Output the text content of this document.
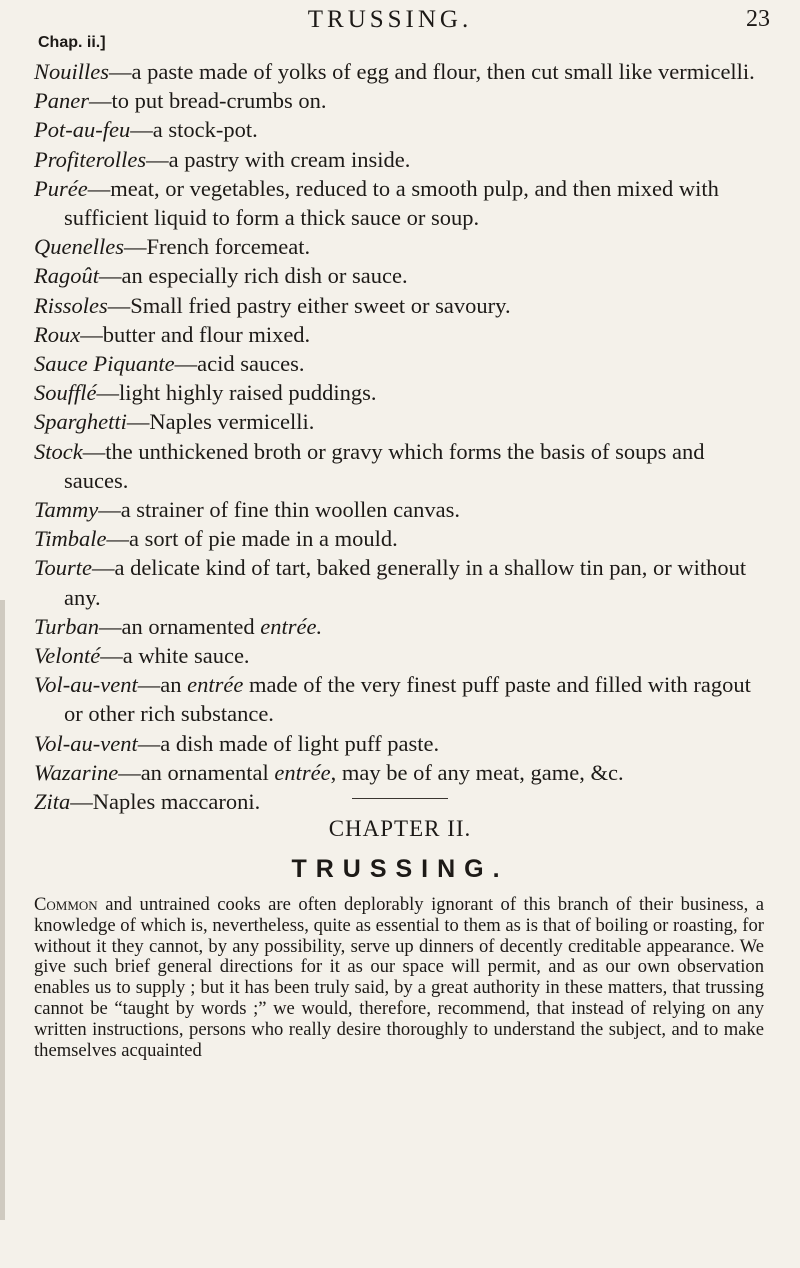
TRUSSING.	23
Chap. ii.]

Nouilles—a paste made of yolks of egg and flour, then cut small like vermicelli.

Paner—to put bread-crumbs on.

Pot-au-feu—a stock-pot.

Profiterolles—a pastry with cream inside.

Purée—meat, or vegetables, reduced to a smooth pulp, and then mixed with sufficient liquid to form a thick sauce or soup.

Quenelles—French forcemeat.

Ragoût—an especially rich dish or sauce.

Rissoles—Small fried pastry either sweet or savoury.

Roux—butter and flour mixed.

Sauce Piquante—acid sauces.

Soufflé—light highly raised puddings.

Sparghetti—Naples vermicelli.

Stock—the unthickened broth or gravy which forms the basis of soups and sauces.

Tammy—a strainer of fine thin woollen canvas.

Timbale—a sort of pie made in a mould.

Tourte—a delicate kind of tart, baked generally in a shallow tin pan, or without any.

Turban—an ornamented entrée.

Velonté—a white sauce.

Vol-au-vent—an entrée made of the very finest puff paste and filled with ragout or other rich substance.

Vol-au-vent—a dish made of light puff paste.

Wazarine—an ornamental entrée, may be of any meat, game, &c.

Zita—Naples maccaroni.

CHAPTER II.
TRUSSING.

Common and untrained cooks are often deplorably ignorant of this branch of their business, a knowledge of which is, nevertheless, quite as essential to them as is that of boiling or roasting, for without it they cannot, by any possibility, serve up dinners of decently creditable appearance. We give such brief general directions for it as our space will permit, and as our own observation enables us to supply ; but it has been truly said, by a great authority in these matters, that trussing cannot be “taught by words ;” we would, therefore, recommend, that instead of relying on any written instructions, persons who really desire thoroughly to understand the subject, and to make themselves acquainted
